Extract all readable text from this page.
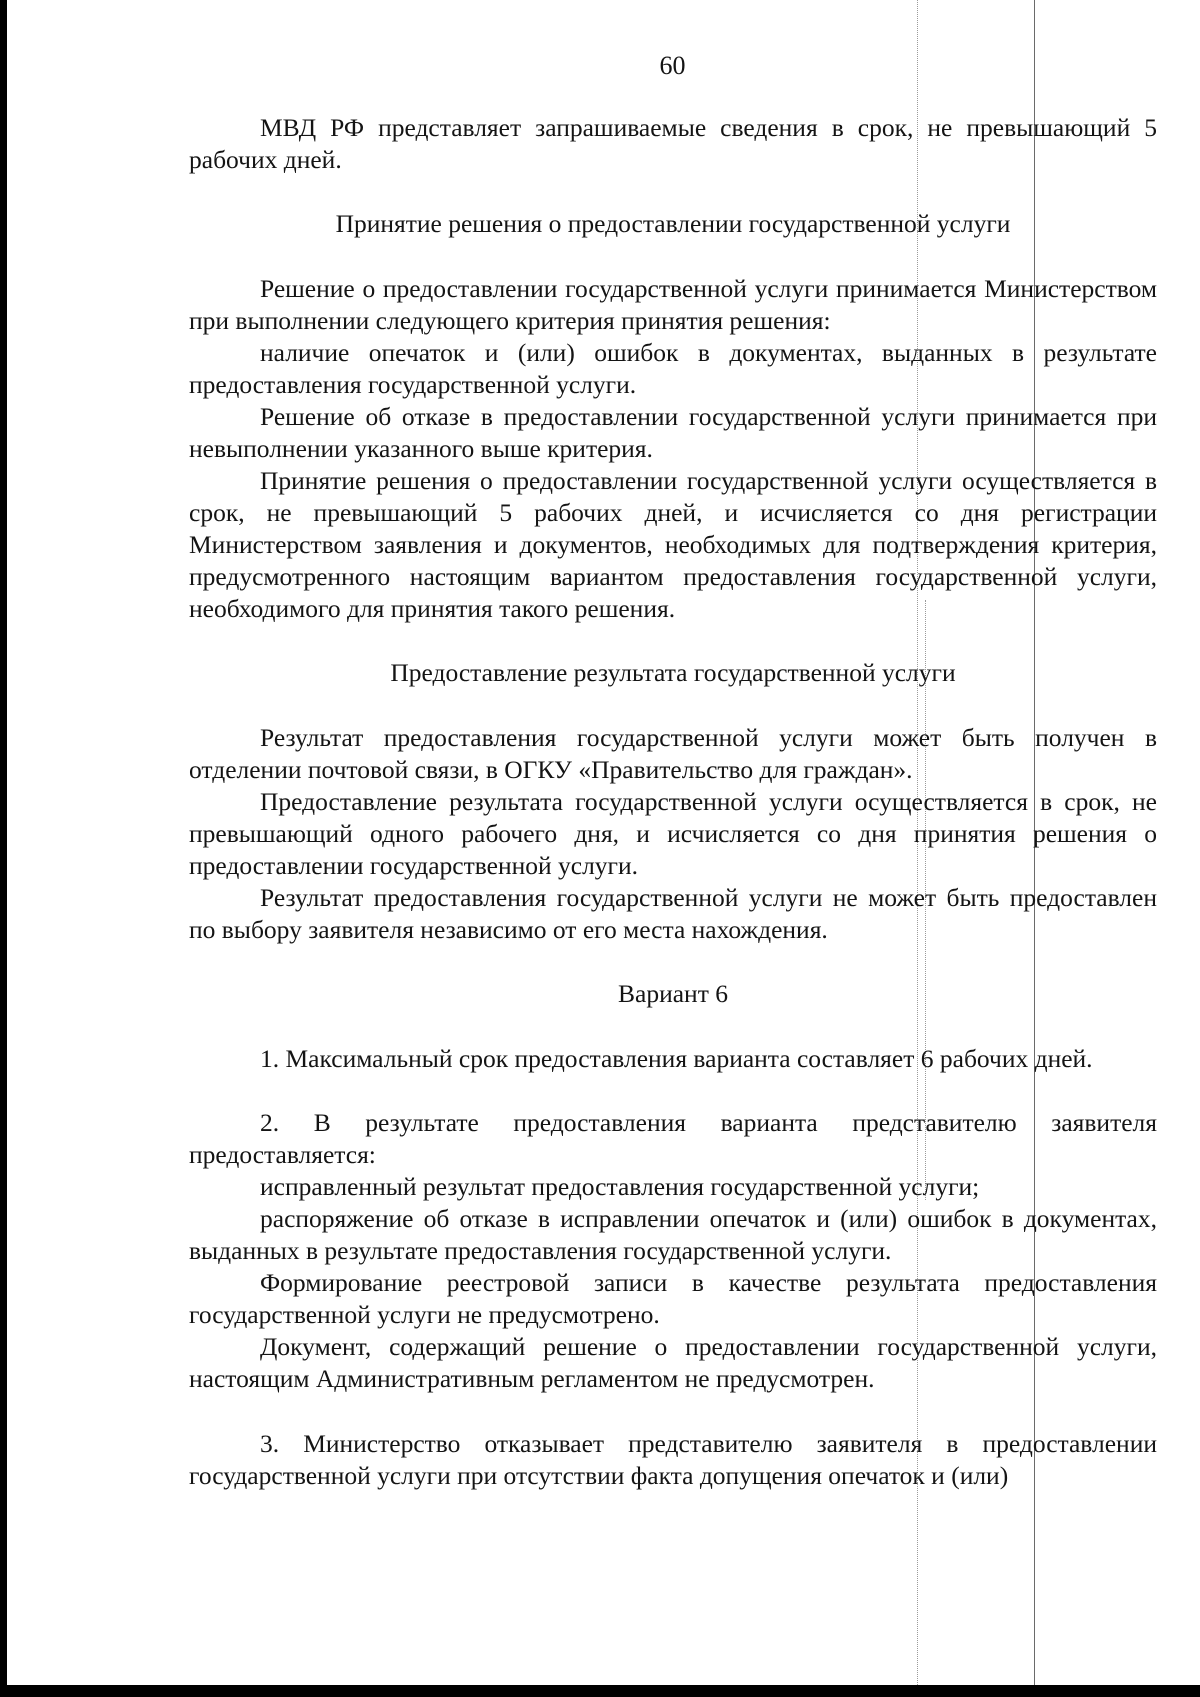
60

МВД РФ представляет запрашиваемые сведения в срок, не превышающий 5 рабочих дней.

Принятие решения о предоставлении государственной услуги

Решение о предоставлении государственной услуги принимается Министерством при выполнении следующего критерия принятия решения:

наличие опечаток и (или) ошибок в документах, выданных в результате предоставления государственной услуги.

Решение об отказе в предоставлении государственной услуги принимается при невыполнении указанного выше критерия.

Принятие решения о предоставлении государственной услуги осуществляется в срок, не превышающий 5 рабочих дней, и исчисляется со дня регистрации Министерством заявления и документов, необходимых для подтверждения критерия, предусмотренного настоящим вариантом предоставления государственной услуги, необходимого для принятия такого решения.

Предоставление результата государственной услуги

Результат предоставления государственной услуги может быть получен в отделении почтовой связи, в ОГКУ «Правительство для граждан».

Предоставление результата государственной услуги осуществляется в срок, не превышающий одного рабочего дня, и исчисляется со дня принятия решения о предоставлении государственной услуги.

Результат предоставления государственной услуги не может быть предоставлен по выбору заявителя независимо от его места нахождения.

Вариант 6

1. Максимальный срок предоставления варианта составляет 6 рабочих дней.

2. В результате предоставления варианта представителю заявителя предоставляется:

исправленный результат предоставления государственной услуги;

распоряжение об отказе в исправлении опечаток и (или) ошибок в документах, выданных в результате предоставления государственной услуги.

Формирование реестровой записи в качестве результата предоставления государственной услуги не предусмотрено.

Документ, содержащий решение о предоставлении государственной услуги, настоящим Административным регламентом не предусмотрен.

3. Министерство отказывает представителю заявителя в предоставлении государственной услуги при отсутствии факта допущения опечаток и (или)
